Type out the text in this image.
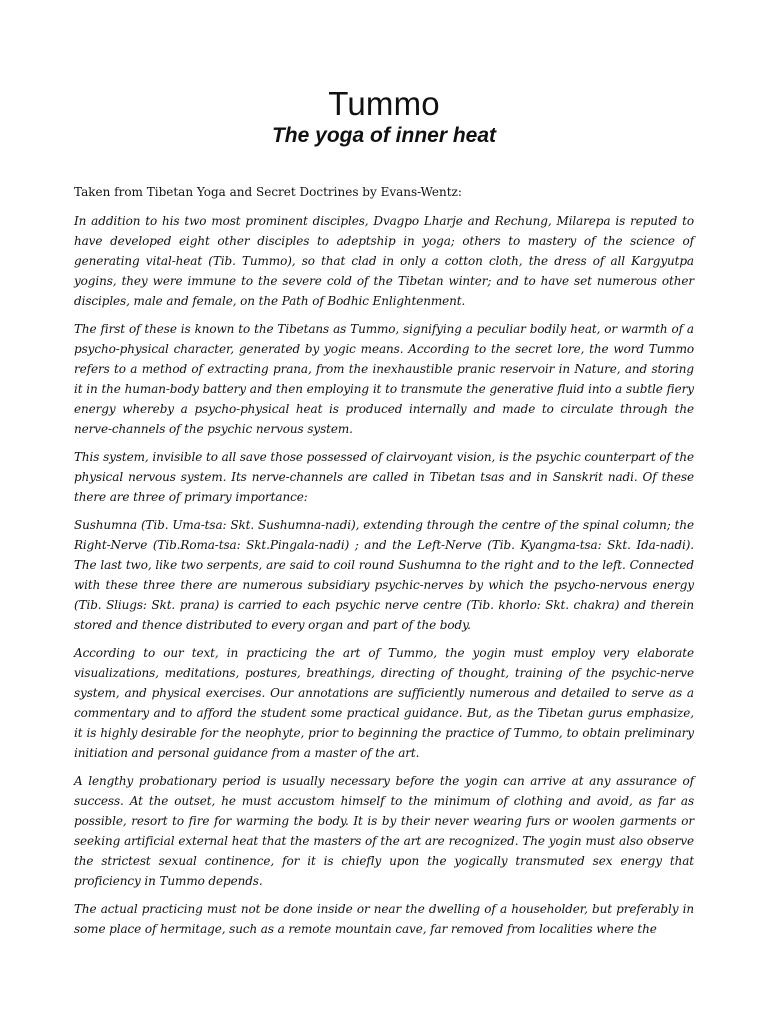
Tummo
The yoga of inner heat

Taken from Tibetan Yoga and Secret Doctrines by Evans-Wentz:

In addition to his two most prominent disciples, Dvagpo Lharje and Rechung, Milarepa is reputed to have developed eight other disciples to adeptship in yoga; others to mastery of the science of generating vital-heat (Tib. Tummo), so that clad in only a cotton cloth, the dress of all Kargyutpa yogins, they were immune to the severe cold of the Tibetan winter; and to have set numerous other disciples, male and female, on the Path of Bodhic Enlightenment.

The first of these is known to the Tibetans as Tummo, signifying a peculiar bodily heat, or warmth of a psycho-physical character, generated by yogic means. According to the secret lore, the word Tummo refers to a method of extracting prana, from the inexhaustible pranic reservoir in Nature, and storing it in the human-body battery and then employing it to transmute the generative fluid into a subtle fiery energy whereby a psycho-physical heat is produced internally and made to circulate through the nerve-channels of the psychic nervous system.

This system, invisible to all save those possessed of clairvoyant vision, is the psychic counterpart of the physical nervous system. Its nerve-channels are called in Tibetan tsas and in Sanskrit nadi. Of these there are three of primary importance:

Sushumna (Tib. Uma-tsa: Skt. Sushumna-nadi), extending through the centre of the spinal column; the Right-Nerve (Tib.Roma-tsa: Skt.Pingala-nadi) ; and the Left-Nerve (Tib. Kyangma-tsa: Skt. Ida-nadi). The last two, like two serpents, are said to coil round Sushumna to the right and to the left. Connected with these three there are numerous subsidiary psychic-nerves by which the psycho-nervous energy (Tib. Sliugs: Skt. prana) is carried to each psychic nerve centre (Tib. khorlo: Skt. chakra) and therein stored and thence distributed to every organ and part of the body.

According to our text, in practicing the art of Tummo, the yogin must employ very elaborate visualizations, meditations, postures, breathings, directing of thought, training of the psychic-nerve system, and physical exercises. Our annotations are sufficiently numerous and detailed to serve as a commentary and to afford the student some practical guidance. But, as the Tibetan gurus emphasize, it is highly desirable for the neophyte, prior to beginning the practice of Tummo, to obtain preliminary initiation and personal guidance from a master of the art.

A lengthy probationary period is usually necessary before the yogin can arrive at any assurance of success. At the outset, he must accustom himself to the minimum of clothing and avoid, as far as possible, resort to fire for warming the body. It is by their never wearing furs or woolen garments or seeking artificial external heat that the masters of the art are recognized. The yogin must also observe the strictest sexual continence, for it is chiefly upon the yogically transmuted sex energy that proficiency in Tummo depends.

The actual practicing must not be done inside or near the dwelling of a householder, but preferably in some place of hermitage, such as a remote mountain cave, far removed from localities where the
